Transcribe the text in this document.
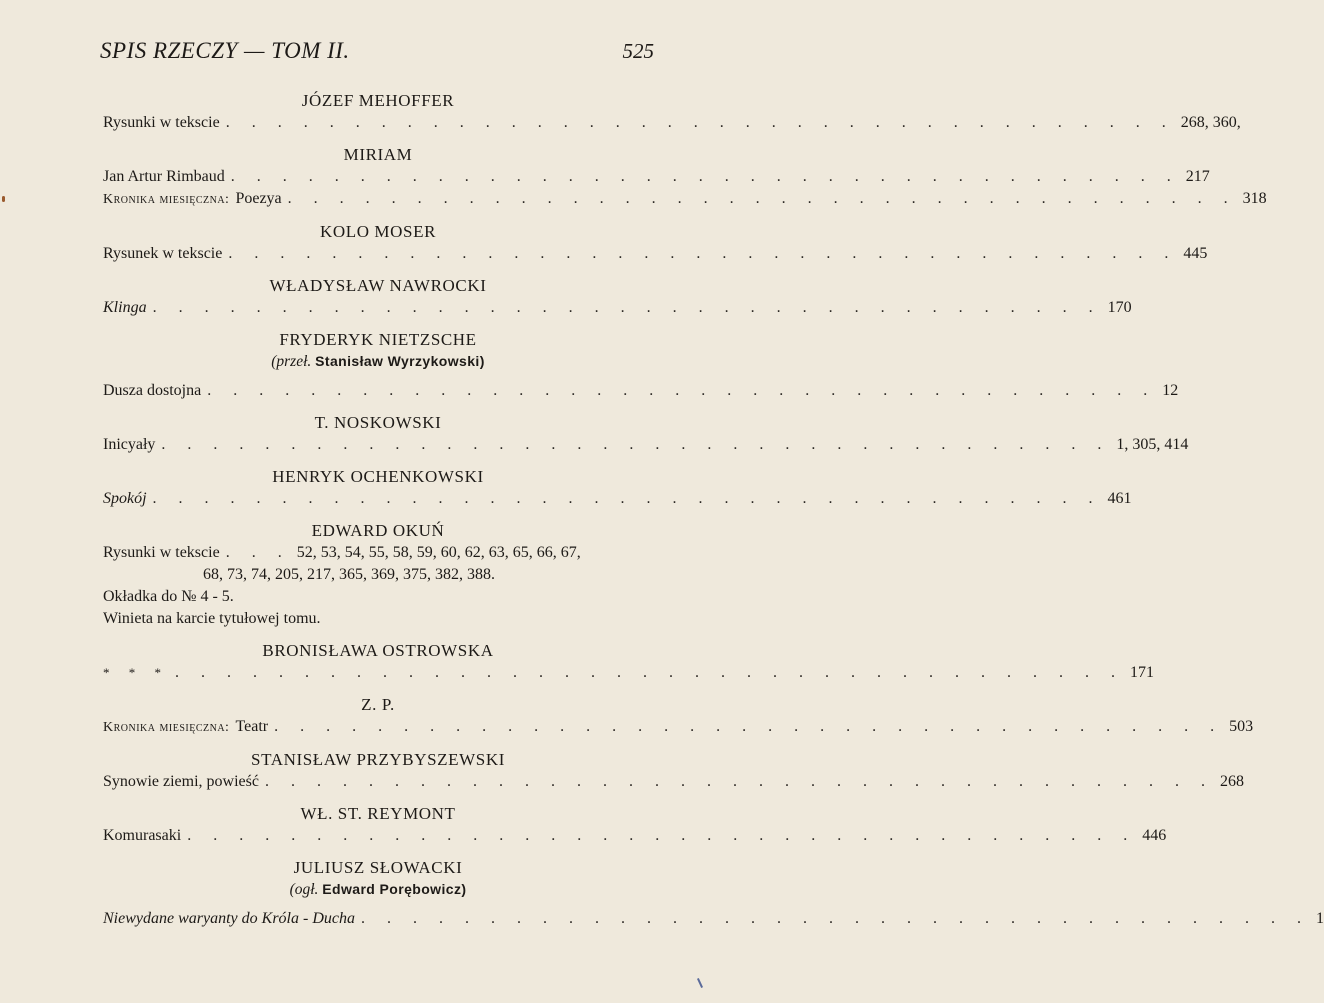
SPIS RZECZY — TOM II.	525

JÓZEF MEHOFFER

Rysunki w tekscie . . . . . . . . . . . . . . . . . . . . . . . . . . . . . . . . . . . . . 268, 360,

MIRIAM

Jan Artur Rimbaud . . . . . . . . . . . . . . . . . . . . . . . . . . . . . . . . . . . . . 217
Kronika miesięczna: Poezya . . . . . . . . . . . . . . . . . . . . . . . . . . . . . . . . . . . . . 318

KOLO MOSER

Rysunek w tekscie . . . . . . . . . . . . . . . . . . . . . . . . . . . . . . . . . . . . . 445

WŁADYSŁAW NAWROCKI

Klinga . . . . . . . . . . . . . . . . . . . . . . . . . . . . . . . . . . . . . 170

FRYDERYK NIETZSCHE

(przeł. Stanisław Wyrzykowski)

Dusza dostojna . . . . . . . . . . . . . . . . . . . . . . . . . . . . . . . . . . . . . 12

T. NOSKOWSKI

Inicyały . . . . . . . . . . . . . . . . . . . . . . . . . . . . . . . . . . . . . 1, 305, 414

HENRYK OCHENKOWSKI

Spokój . . . . . . . . . . . . . . . . . . . . . . . . . . . . . . . . . . . . . 461

EDWARD OKUŃ

Rysunki w tekscie . . . 52, 53, 54, 55, 58, 59, 60, 62, 63, 65, 66, 67,
68, 73, 74, 205, 217, 365, 369, 375, 382, 388.
Okładka do № 4 - 5.
Winieta na karcie tytułowej tomu.

BRONISŁAWA OSTROWSKA

* * * . . . . . . . . . . . . . . . . . . . . . . . . . . . . . . . . . . . . . 171

Z. P.

Kronika miesięczna: Teatr . . . . . . . . . . . . . . . . . . . . . . . . . . . . . . . . . . . . . 503

STANISŁAW PRZYBYSZEWSKI

Synowie ziemi, powieść . . . . . . . . . . . . . . . . . . . . . . . . . . . . . . . . . . . . . 268

WŁ. ST. REYMONT

Komurasaki . . . . . . . . . . . . . . . . . . . . . . . . . . . . . . . . . . . . . 446

JULIUSZ SŁOWACKI

(ogł. Edward Porębowicz)

Niewydane waryanty do Króla - Ducha . . . . . . . . . . . . . . . . . . . . . . . . . . . . . . . . . . . . . 1
